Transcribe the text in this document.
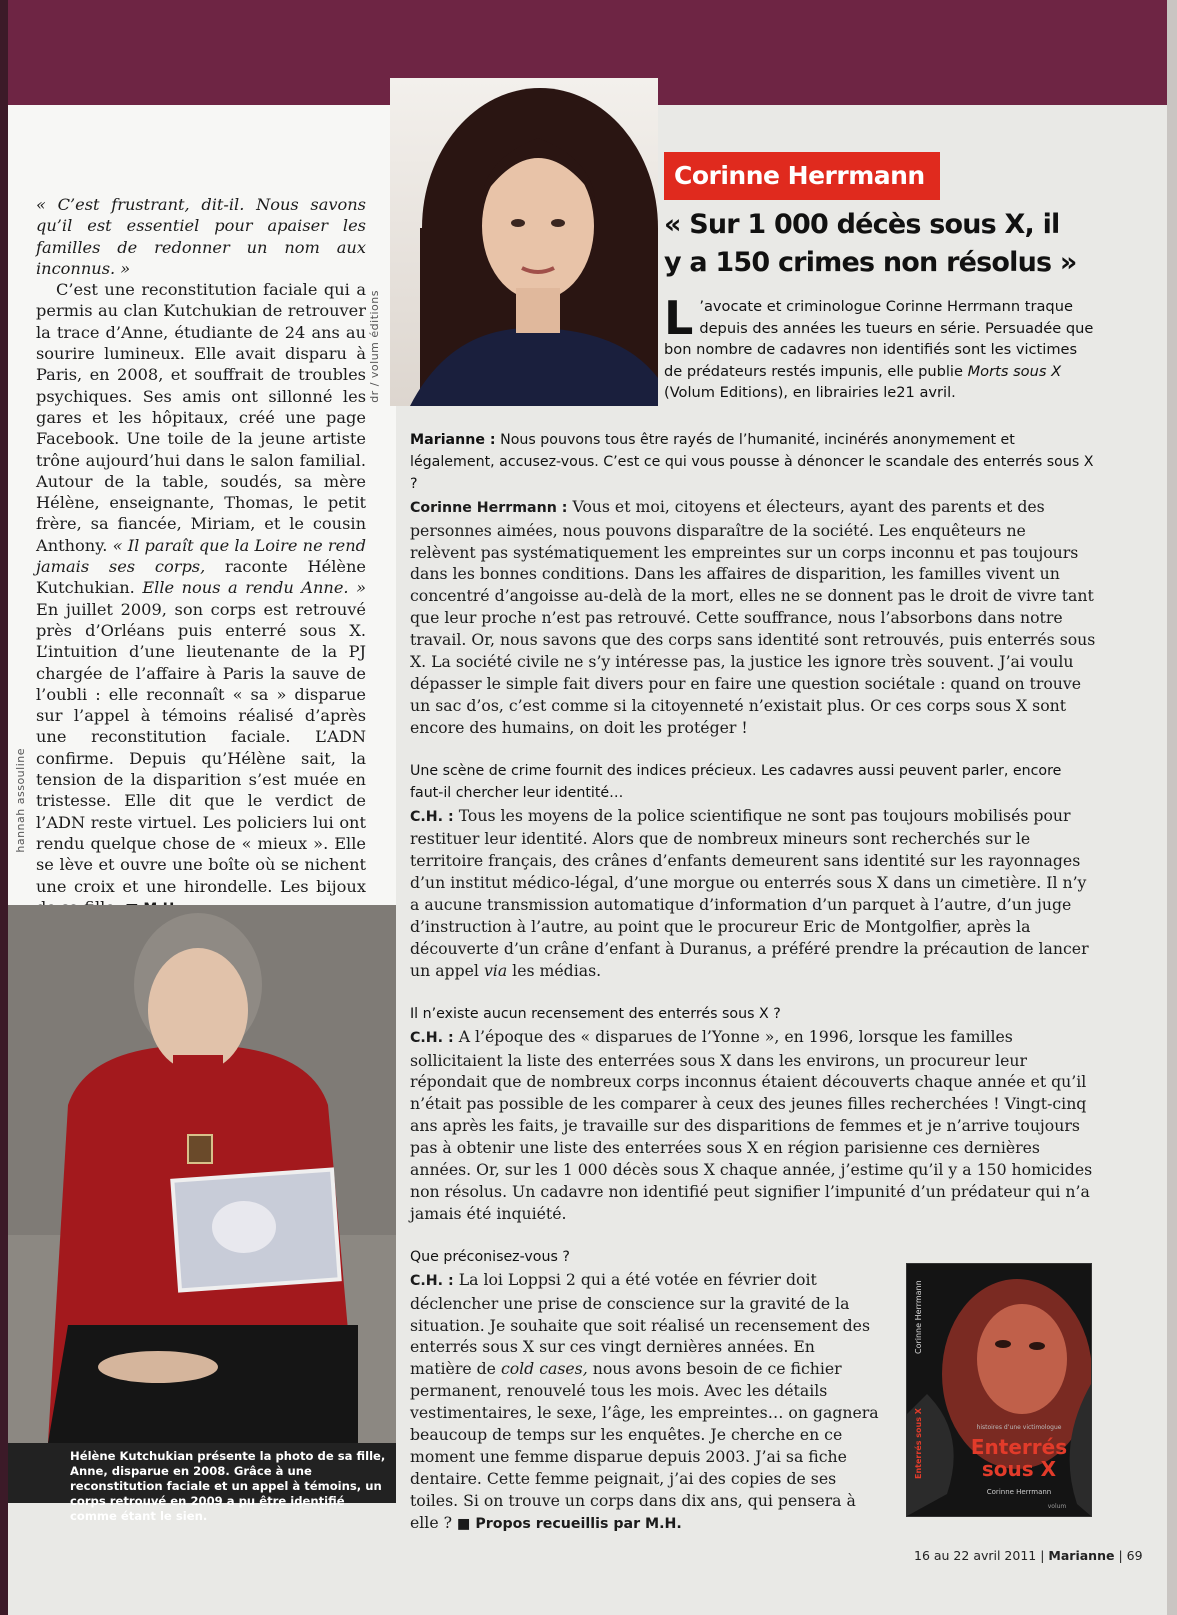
dr / volum éditions
hannah assouline

« C’est frustrant, dit-il. Nous savons qu’il est essentiel pour apaiser les familles de redonner un nom aux inconnus. »

C’est une reconstitution faciale qui a permis au clan Kutchukian de retrouver la trace d’Anne, étudiante de 24 ans au sourire lumineux. Elle avait disparu à Paris, en 2008, et souffrait de troubles psychiques. Ses amis ont sillonné les gares et les hôpitaux, créé une page Facebook. Une toile de la jeune artiste trône aujourd’hui dans le salon familial. Autour de la table, soudés, sa mère Hélène, enseignante, Thomas, le petit frère, sa fiancée, Miriam, et le cousin Anthony. « Il paraît que la Loire ne rend jamais ses corps, raconte Hélène Kutchukian. Elle nous a rendu Anne. » En juillet 2009, son corps est retrouvé près d’Orléans puis enterré sous X. L’intuition d’une lieutenante de la PJ chargée de l’affaire à Paris la sauve de l’oubli : elle reconnaît « sa » disparue sur l’appel à témoins réalisé d’après une reconstitution faciale. L’ADN confirme. Depuis qu’Hélène sait, la tension de la disparition s’est muée en tristesse. Elle dit que le verdict de l’ADN reste virtuel. Les policiers lui ont rendu quelque chose de « mieux ». Elle se lève et ouvre une boîte où se nichent une croix et une hirondelle. Les bijoux

Corinne Herrmann
« Sur 1 000 décès sous X, il y a 150 crimes non résolus »
L ’avocate et criminologue Corinne Herrmann traque depuis des années les tueurs en série. Persuadée que bon nombre de cadavres non identifiés sont les victimes de prédateurs restés impunis, elle publie Morts sous X (Volum Editions), en librairies le21 avril.

Marianne : Nous pouvons tous être rayés de l’humanité, incinérés anonymement et légalement, accusez-vous. C’est ce qui vous pousse à dénoncer le scandale des enterrés sous X ?

Corinne Herrmann : Vous et moi, citoyens et électeurs, ayant des parents et des personnes aimées, nous pouvons disparaître de la société. Les enquêteurs ne relèvent pas systématiquement les empreintes sur un corps inconnu et pas toujours dans les bonnes conditions. Dans les affaires de disparition, les familles vivent un concentré d’angoisse au-delà de la mort, elles ne se donnent pas le droit de vivre tant que leur proche n’est pas retrouvé. Cette souffrance, nous l’absorbons dans notre travail. Or, nous savons que des corps sans identité sont retrouvés, puis enterrés sous X. La société civile ne s’y intéresse pas, la justice les ignore très souvent. J’ai voulu dépasser le simple fait divers pour en faire une question sociétale : quand on trouve un sac d’os, c’est comme si la citoyenneté n’existait plus. Or ces corps sous X sont encore des humains, on doit les protéger !

Une scène de crime fournit des indices précieux. Les cadavres aussi peuvent parler, encore faut-il chercher leur identité…

C.H. : Tous les moyens de la police scientifique ne sont pas toujours mobilisés pour restituer leur identité. Alors que de nombreux mineurs sont recherchés sur le territoire français, des crânes d’enfants demeurent sans identité sur les rayonnages d’un institut médico-légal, d’une morgue ou enterrés sous X dans un cimetière. Il n’y a aucune transmission automatique d’information d’un parquet à l’autre, d’un juge d’instruction à l’autre, au point que le procureur Eric de Montgolfier, après la découverte d’un crâne d’enfant à Duranus, a préféré prendre la précaution de lancer un appel via les médias.

Il n’existe aucun recensement des enterrés sous X ?

C.H. : A l’époque des « disparues de l’Yonne », en 1996, lorsque les familles sollicitaient la liste des enterrées sous X dans les environs, un procureur leur répondait que de nombreux corps inconnus étaient découverts chaque année et qu’il n’était pas possible de les comparer à ceux des jeunes filles recherchées ! Vingt-cinq ans après les faits, je travaille sur des disparitions de femmes et je n’arrive toujours pas à obtenir une liste des enterrées sous X en région parisienne ces dernières années. Or, sur les 1 000 décès sous X chaque année, j’estime qu’il y a 150 homicides non résolus. Un cadavre non identifié peut signifier l’impunité d’un prédateur qui n’a jamais été inquiété.

Que préconisez-vous ?

C.H. : La loi Loppsi 2 qui a été votée en février doit déclencher une prise de conscience sur la gravité de la situation. Je souhaite que soit réalisé un recensement des enterrés sous X sur ces vingt dernières années. En matière de cold cases, nous avons besoin de ce fichier permanent, renouvelé tous les mois. Avec les détails vestimentaires, le sexe, l’âge, les empreintes… on gagnera beaucoup de temps sur les enquêtes. Je cherche en ce moment une femme disparue depuis 2003. J’ai sa fiche dentaire. Cette femme peignait, j’ai des copies de ses toiles. Si on trouve un corps dans dix ans, qui pensera à elle ? ■ Propos recueillis par M.H.

Hélène Kutchukian présente la photo de sa fille, Anne, disparue en 2008. Grâce à une reconstitution faciale et un appel à témoins, un corps retrouvé en 2009 a pu être identifié comme étant le sien.
Corinne Herrmann
Enterrés sous X	histoires d’une victimologue
Enterrés
sous X
Corinne Herrmann
volum
16 au 22 avril 2011 | Marianne | 69
